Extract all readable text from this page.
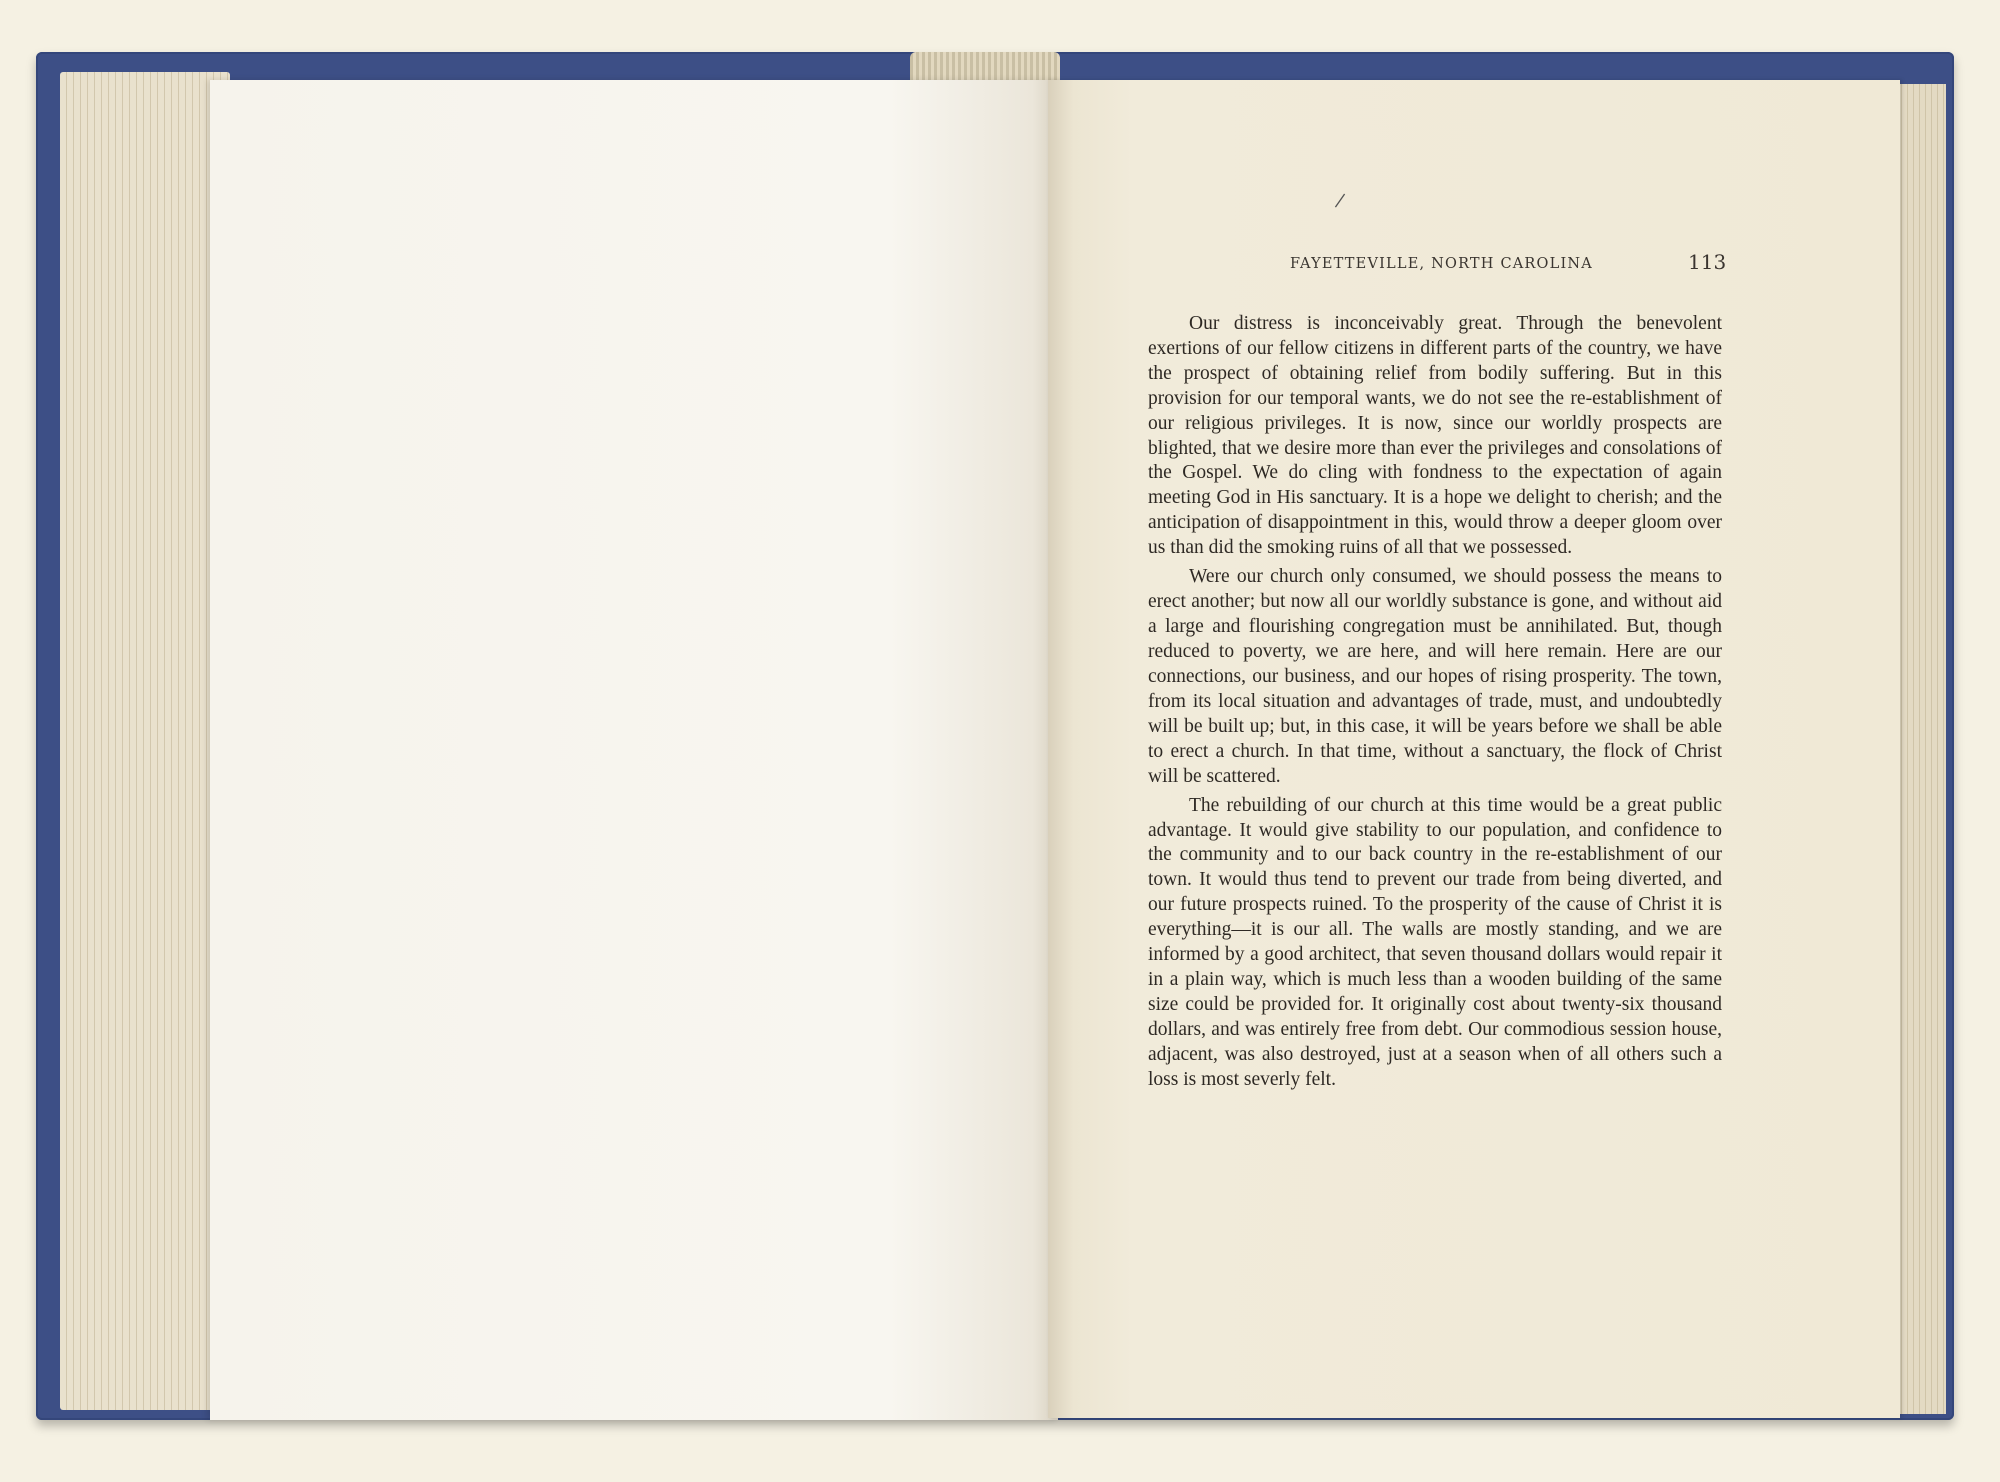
|
FAYETTEVILLE, NORTH CAROLINA	113

Our distress is inconceivably great. Through the benevolent exertions of our fellow citizens in different parts of the country, we have the prospect of obtaining relief from bodily suffering. But in this provision for our temporal wants, we do not see the re-establishment of our religious privileges. It is now, since our worldly prospects are blighted, that we desire more than ever the privileges and consolations of the Gospel. We do cling with fondness to the expectation of again meeting God in His sanctuary. It is a hope we delight to cherish; and the anticipation of disappointment in this, would throw a deeper gloom over us than did the smoking ruins of all that we possessed.

Were our church only consumed, we should possess the means to erect another; but now all our worldly substance is gone, and without aid a large and flourishing congregation must be annihilated. But, though reduced to poverty, we are here, and will here remain. Here are our connections, our business, and our hopes of rising prosperity. The town, from its local situation and advantages of trade, must, and undoubtedly will be built up; but, in this case, it will be years before we shall be able to erect a church. In that time, without a sanctuary, the flock of Christ will be scattered.

The rebuilding of our church at this time would be a great public advantage. It would give stability to our population, and confidence to the community and to our back country in the re-establishment of our town. It would thus tend to prevent our trade from being diverted, and our future prospects ruined. To the prosperity of the cause of Christ it is everything—it is our all. The walls are mostly standing, and we are informed by a good architect, that seven thousand dollars would repair it in a plain way, which is much less than a wooden building of the same size could be provided for. It originally cost about twenty-six thousand dollars, and was entirely free from debt. Our commodious session house, adjacent, was also destroyed, just at a season when of all others such a loss is most severly felt.
